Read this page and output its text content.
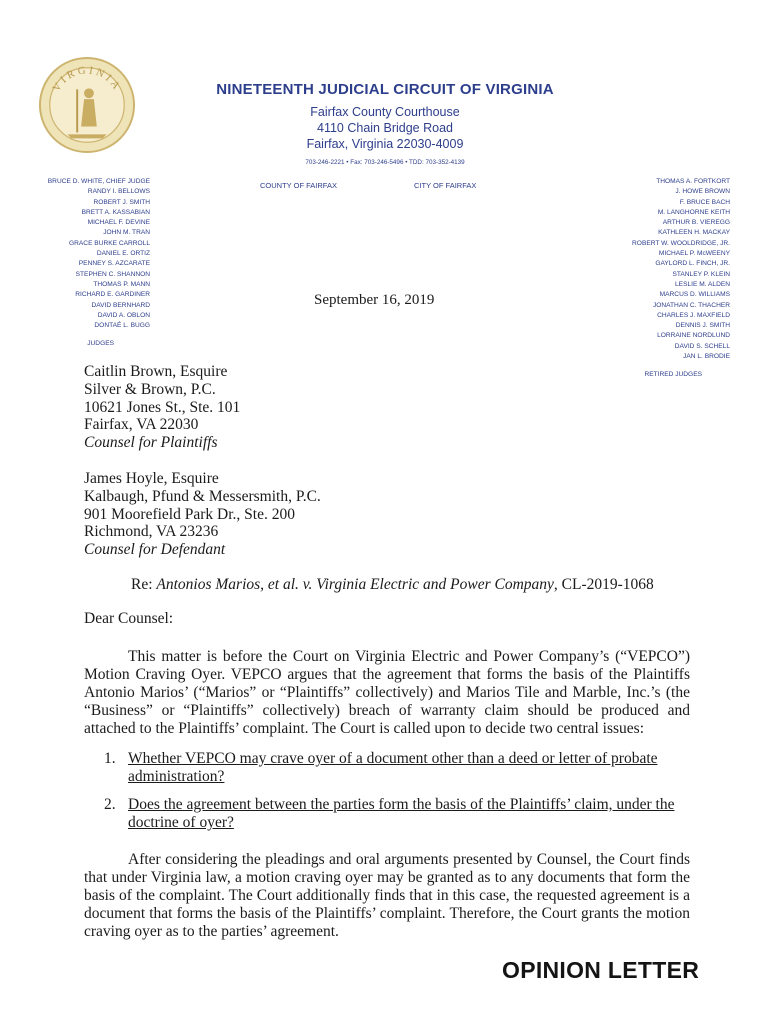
VIRGINIA	NINETEENTH JUDICIAL CIRCUIT OF VIRGINIA
Fairfax County Courthouse
4110 Chain Bridge Road
Fairfax, Virginia 22030-4009
703-246-2221 • Fax: 703-246-5496 • TDD: 703-352-4139
COUNTY OF FAIRFAX	CITY OF FAIRFAX
BRUCE D. WHITE, CHIEF JUDGE
RANDY I. BELLOWS
ROBERT J. SMITH
BRETT A. KASSABIAN
MICHAEL F. DEVINE
JOHN M. TRAN
GRACE BURKE CARROLL
DANIEL E. ORTIZ
PENNEY S. AZCARATE
STEPHEN C. SHANNON
THOMAS P. MANN
RICHARD E. GARDINER
DAVID BERNHARD
DAVID A. OBLON
DONTAÉ L. BUGG
JUDGES
THOMAS A. FORTKORT
J. HOWE BROWN
F. BRUCE BACH
M. LANGHORNE KEITH
ARTHUR B. VIEREGG
KATHLEEN H. MACKAY
ROBERT W. WOOLDRIDGE, JR.
MICHAEL P. McWEENY
GAYLORD L. FINCH, JR.
STANLEY P. KLEIN
LESLIE M. ALDEN
MARCUS D. WILLIAMS
JONATHAN C. THACHER
CHARLES J. MAXFIELD
DENNIS J. SMITH
LORRAINE NORDLUND
DAVID S. SCHELL
JAN L. BRODIE
RETIRED JUDGES
September 16, 2019
Caitlin Brown, Esquire
Silver & Brown, P.C.
10621 Jones St., Ste. 101
Fairfax, VA 22030
Counsel for Plaintiffs
James Hoyle, Esquire
Kalbaugh, Pfund & Messersmith, P.C.
901 Moorefield Park Dr., Ste. 200
Richmond, VA 23236
Counsel for Defendant
Re: Antonios Marios, et al. v. Virginia Electric and Power Company, CL-2019-1068
Dear Counsel:
This matter is before the Court on Virginia Electric and Power Company’s (“VEPCO”) Motion Craving Oyer. VEPCO argues that the agreement that forms the basis of the Plaintiffs Antonio Marios’ (“Marios” or “Plaintiffs” collectively) and Marios Tile and Marble, Inc.’s (the “Business” or “Plaintiffs” collectively) breach of warranty claim should be produced and attached to the Plaintiffs’ complaint. The Court is called upon to decide two central issues:
1. Whether VEPCO may crave oyer of a document other than a deed or letter of probate
administration?
2. Does the agreement between the parties form the basis of the Plaintiffs’ claim, under the
doctrine of oyer?
After considering the pleadings and oral arguments presented by Counsel, the Court finds that under Virginia law, a motion craving oyer may be granted as to any documents that form the basis of the complaint. The Court additionally finds that in this case, the requested agreement is a document that forms the basis of the Plaintiffs’ complaint. Therefore, the Court grants the motion craving oyer as to the parties’ agreement.
OPINION LETTER
